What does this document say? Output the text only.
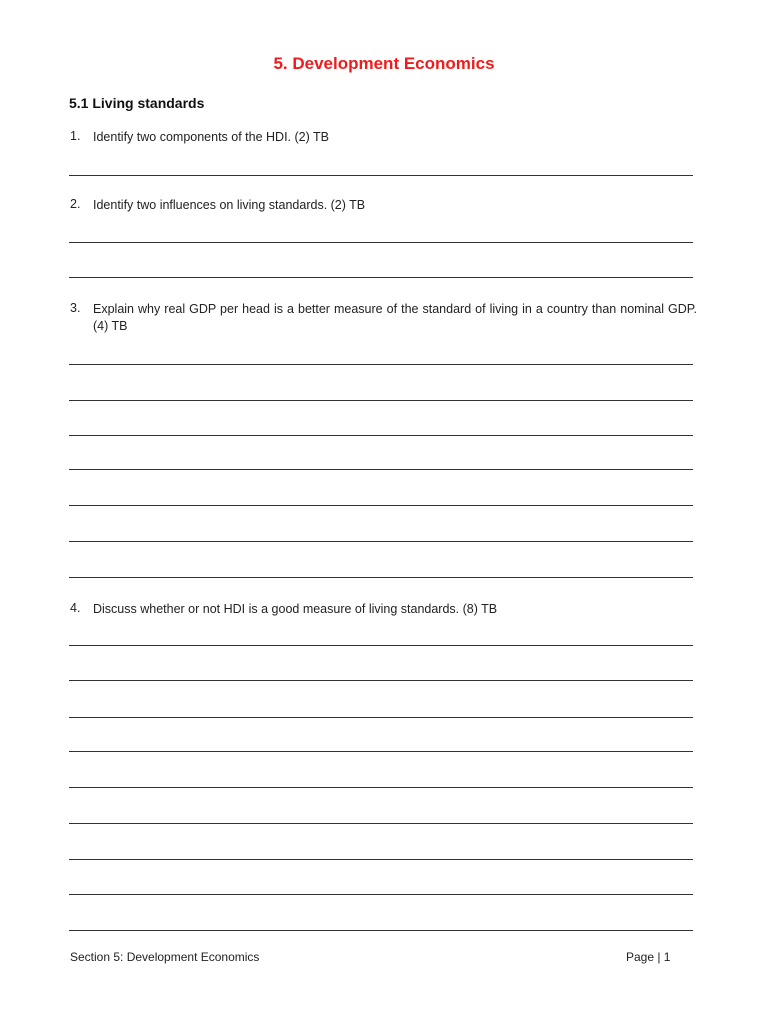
5. Development Economics
5.1 Living standards
1. Identify two components of the HDI. (2) TB
2. Identify two influences on living standards. (2) TB
3. Explain why real GDP per head is a better measure of the standard of living in a country than nominal GDP. (4) TB
4. Discuss whether or not HDI is a good measure of living standards. (8) TB
Section 5: Development Economics	Page | 1
